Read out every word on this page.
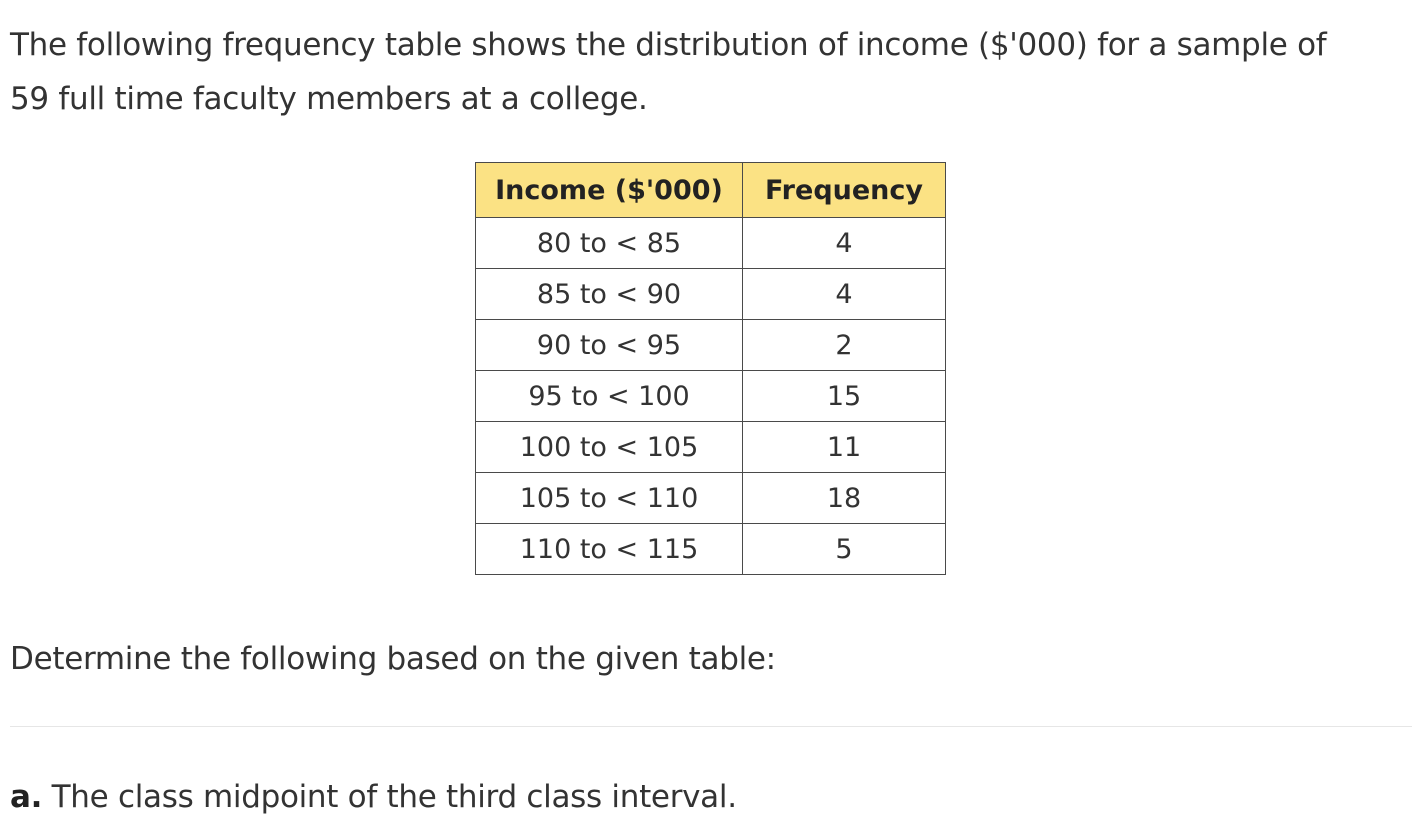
The following frequency table shows the distribution of income ($'000) for a sample of
59 full time faculty members at a college.

Income ($'000)	Frequency
80 to < 85	4
85 to < 90	4
90 to < 95	2
95 to < 100	15
100 to < 105	11
105 to < 110	18
110 to < 115	5

Determine the following based on the given table:

a. The class midpoint of the third class interval.
